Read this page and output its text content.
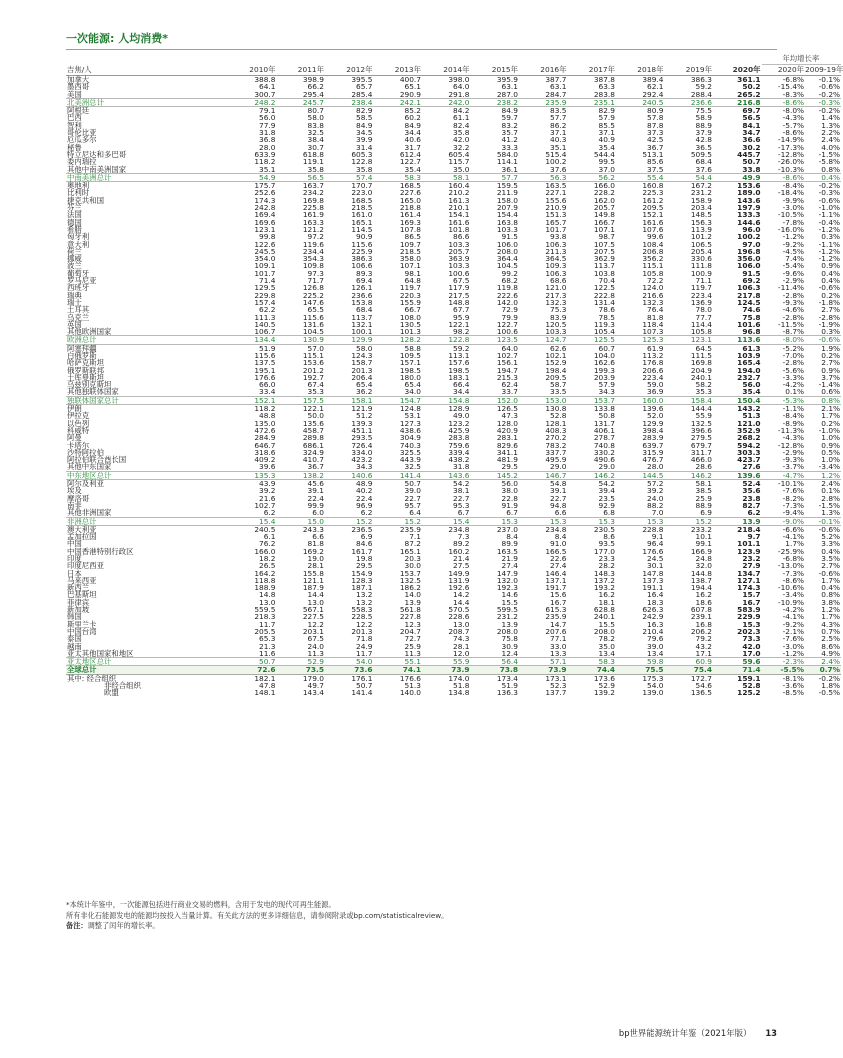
一次能源: 人均消费*
												年均增长率	
吉焦/人	2010年	2011年	2012年	2013年	2014年	2015年	2016年	2017年	2018年	2019年	2020年	2020年	2009-19年
加拿大	388.8	398.9	395.5	400.7	398.0	395.9	387.7	387.8	389.4	386.3	361.1	-6.8%	-0.1%
墨西哥	64.1	66.2	65.7	65.1	64.0	63.1	63.1	63.3	62.1	59.2	50.2	-15.4%	-0.6%
美国	300.7	295.4	285.4	290.9	291.8	287.0	284.7	283.8	292.4	288.4	265.2	-8.3%	-0.2%
北美洲总计	248.2	245.7	238.4	242.1	242.0	238.2	235.9	235.1	240.5	236.6	216.8	-8.6%	-0.3%
阿根廷	79.1	80.7	82.9	85.2	84.2	84.9	83.5	82.9	80.9	75.5	69.7	-8.0%	-0.2%
巴西	56.0	58.0	58.5	60.2	61.1	59.7	57.7	57.9	57.8	58.9	56.5	-4.3%	1.4%
智利	77.9	83.8	84.9	84.9	82.4	83.2	86.2	85.5	87.8	88.9	84.1	-5.7%	1.3%
哥伦比亚	31.8	32.5	34.5	34.4	35.8	35.7	37.1	37.1	37.3	37.9	34.7	-8.6%	2.2%
厄瓜多尔	36.8	38.4	39.9	40.6	42.0	41.2	40.3	40.9	42.5	42.8	36.6	-14.9%	2.4%
秘鲁	28.0	30.7	31.4	31.7	32.2	33.3	35.1	35.4	36.7	36.5	30.2	-17.3%	4.0%
特立尼达和多巴哥	633.9	618.8	605.3	612.4	605.4	584.0	515.4	544.4	513.1	509.5	445.7	-12.8%	-1.5%
委内瑞拉	118.2	119.1	122.8	122.7	115.7	114.1	100.2	99.5	85.6	68.4	50.7	-26.0%	-5.8%
其他中南美洲国家	35.1	35.8	35.8	35.4	35.0	36.1	37.6	37.0	37.5	37.6	33.8	-10.3%	0.8%
中南美洲总计	54.9	56.5	57.4	58.3	58.1	57.7	56.3	56.2	55.4	54.4	49.9	-8.6%	0.4%
奥地利	175.7	163.7	170.7	168.5	160.4	159.5	163.5	166.0	160.8	167.2	153.6	-8.4%	-0.2%
比利时	252.6	234.2	223.0	227.6	210.2	211.9	227.1	228.2	225.3	231.2	189.0	-18.4%	-0.3%
捷克共和国	174.3	169.8	168.5	165.0	161.3	158.0	155.6	162.0	161.2	158.9	143.6	-9.9%	-0.6%
芬兰	242.8	225.8	218.5	218.8	210.1	207.9	210.9	205.7	209.5	203.4	197.9	-3.0%	-1.0%
法国	169.4	161.9	161.0	161.4	154.1	154.4	151.3	149.8	152.1	148.5	133.3	-10.5%	-1.1%
德国	169.6	163.3	165.1	169.3	161.6	163.8	165.7	166.7	161.6	156.3	144.6	-7.8%	-0.4%
希腊	123.1	121.2	114.5	107.8	101.8	103.3	101.7	107.1	107.6	113.9	96.0	-16.0%	-1.2%
匈牙利	99.8	97.2	90.9	86.5	86.6	91.5	93.8	98.7	99.6	101.2	100.2	-1.2%	0.3%
意大利	122.6	119.6	115.6	109.7	103.3	106.0	106.3	107.5	108.4	106.5	97.0	-9.2%	-1.1%
荷兰	245.5	234.4	225.9	218.5	205.7	208.0	211.3	207.5	206.8	205.4	196.8	-4.5%	-1.2%
挪威	354.0	354.3	386.3	358.0	363.9	364.4	364.5	362.9	356.2	330.6	356.0	7.4%	-1.2%
波兰	109.1	109.8	106.6	107.1	103.3	104.5	109.3	113.7	115.1	111.8	106.0	-5.4%	0.9%
葡萄牙	101.7	97.3	89.3	98.1	100.6	99.2	106.3	103.8	105.8	100.9	91.5	-9.6%	0.4%
罗马尼亚	71.4	71.7	69.4	64.8	67.5	68.2	68.6	70.4	72.2	71.1	69.2	-2.9%	0.4%
西班牙	129.5	126.8	126.1	119.7	117.9	119.8	121.0	122.5	124.0	119.7	106.3	-11.4%	-0.6%
瑞典	229.8	225.2	236.6	220.3	217.5	222.6	217.3	222.8	216.6	223.4	217.8	-2.8%	0.2%
瑞士	157.4	147.6	153.8	155.9	148.8	142.0	132.3	131.4	132.3	136.9	124.5	-9.3%	-1.8%
土耳其	62.2	65.5	68.4	66.7	67.7	72.9	75.3	78.6	76.4	78.0	74.6	-4.6%	2.7%
乌克兰	111.3	115.6	113.7	108.0	95.9	79.9	83.9	78.5	81.8	77.7	75.8	-2.8%	-2.8%
英国	140.5	131.6	132.1	130.5	122.1	122.7	120.5	119.3	118.4	114.4	101.6	-11.5%	-1.9%
其他欧洲国家	106.7	104.5	100.1	101.3	98.2	100.6	103.3	105.4	107.3	105.8	96.8	-8.7%	0.3%
欧洲总计	134.4	130.9	129.9	128.2	122.8	123.5	124.7	125.5	125.3	123.1	113.6	-8.0%	-0.6%
阿塞拜疆	51.9	57.0	58.0	58.8	59.2	64.0	62.6	60.7	61.9	64.5	61.3	-5.2%	1.9%
白俄罗斯	115.6	115.1	124.3	109.5	113.1	102.7	102.1	104.0	113.2	111.5	103.9	-7.0%	0.2%
哈萨克斯坦	137.5	153.6	158.7	157.1	157.6	156.1	152.9	162.6	176.8	169.8	165.4	-2.8%	2.7%
俄罗斯联邦	195.1	201.2	201.3	198.5	198.5	194.7	198.4	199.3	206.6	204.9	194.0	-5.6%	0.9%
土库曼斯坦	176.6	192.7	206.4	180.0	183.1	215.3	209.5	203.9	223.4	240.1	232.7	-3.3%	3.7%
乌兹别克斯坦	66.0	67.4	65.4	65.4	66.4	62.4	58.7	57.9	59.0	58.2	56.0	-4.2%	-1.4%
其他独联体国家	33.4	35.3	36.2	34.0	34.4	33.7	33.5	34.3	36.9	35.3	35.4	0.1%	0.6%
独联体国家总计	152.1	157.5	158.1	154.7	154.8	152.0	153.0	153.7	160.0	158.4	150.4	-5.3%	0.8%
伊朗	118.2	122.1	121.9	124.8	128.9	126.5	130.8	133.8	139.6	144.4	143.2	-1.1%	2.1%
伊拉克	48.8	50.0	51.2	53.1	49.0	47.3	52.8	50.8	52.0	55.9	51.3	-8.4%	1.7%
以色列	135.0	135.6	139.3	127.3	123.2	128.0	128.1	131.7	129.9	132.5	121.0	-8.9%	0.2%
科威特	472.6	458.7	451.1	438.6	425.9	420.9	408.3	406.1	398.4	396.6	352.9	-11.3%	-1.0%
阿曼	284.9	289.8	293.5	304.9	283.8	283.1	270.2	278.7	283.9	279.5	268.2	-4.3%	1.0%
卡塔尔	646.7	686.1	726.4	740.3	759.6	829.6	783.2	740.8	639.7	679.7	594.2	-12.8%	0.9%
沙特阿拉伯	318.6	324.9	334.0	325.5	339.4	341.1	337.7	330.2	315.9	311.7	303.3	-2.9%	0.5%
阿拉伯联合酋长国	409.2	410.7	423.2	443.9	438.2	481.9	495.9	490.6	476.7	466.0	423.7	-9.3%	1.0%
其他中东国家	39.6	36.7	34.3	32.5	31.8	29.5	29.0	29.0	28.0	28.6	27.6	-3.7%	-3.4%
中东地区总计	135.3	138.2	140.6	141.4	143.6	145.2	146.7	146.2	144.5	146.2	139.6	-4.7%	1.2%
阿尔及利亚	43.9	45.6	48.9	50.7	54.2	56.0	54.8	54.2	57.2	58.1	52.4	-10.1%	2.4%
埃及	39.2	39.1	40.2	39.0	38.1	38.0	39.1	39.4	39.2	38.5	35.6	-7.6%	0.1%
摩洛哥	21.6	22.4	22.4	22.7	22.7	22.8	22.7	23.5	24.0	25.9	23.8	-8.2%	2.8%
南非	102.7	99.9	96.9	95.7	95.3	91.9	94.8	92.9	88.2	88.9	82.7	-7.3%	-1.5%
其他非洲国家	6.2	6.0	6.2	6.4	6.7	6.7	6.6	6.8	7.0	6.9	6.2	-9.4%	1.3%
非洲总计	15.4	15.0	15.2	15.2	15.4	15.3	15.3	15.3	15.3	15.2	13.9	-9.0%	-0.1%
澳大利亚	240.5	243.3	236.5	235.9	234.8	237.0	234.8	230.5	228.8	233.2	218.4	-6.6%	-0.6%
孟加拉国	6.1	6.6	6.9	7.1	7.3	8.4	8.4	8.6	9.1	10.1	9.7	-4.1%	5.2%
中国	76.2	81.8	84.6	87.2	89.2	89.9	91.0	93.5	96.4	99.1	101.1	1.7%	3.3%
中国香港特别行政区	166.0	169.2	161.7	165.1	160.2	163.5	166.5	177.0	176.6	166.9	123.9	-25.9%	0.4%
印度	18.2	19.0	19.8	20.3	21.4	21.9	22.6	23.3	24.5	24.8	23.2	-6.8%	3.5%
印度尼西亚	26.5	28.1	29.5	30.0	27.5	27.4	27.4	28.2	30.1	32.0	27.9	-13.0%	2.7%
日本	164.2	155.8	154.9	153.7	149.9	147.9	146.4	148.3	147.8	144.8	134.7	-7.3%	-0.6%
马来西亚	118.8	121.1	128.3	132.5	131.9	132.0	137.1	137.2	137.3	138.7	127.1	-8.6%	1.7%
新西兰	188.9	187.9	187.1	186.2	192.6	192.3	191.7	193.2	191.1	194.4	174.3	-10.6%	0.4%
巴基斯坦	14.8	14.4	13.2	14.0	14.2	14.6	15.6	16.2	16.4	16.2	15.7	-3.4%	0.8%
菲律宾	13.0	13.0	13.2	13.9	14.4	15.5	16.7	18.1	18.3	18.6	16.7	-10.9%	3.8%
新加坡	559.5	567.1	558.3	561.8	570.5	599.5	615.3	628.8	626.3	607.8	583.9	-4.2%	1.2%
韩国	218.3	227.5	228.5	227.8	228.6	231.2	235.9	240.1	242.9	239.1	229.9	-4.1%	1.7%
斯里兰卡	11.7	12.2	12.2	12.3	13.0	13.9	14.7	15.5	16.3	16.8	15.3	-9.2%	4.3%
中国台湾	205.5	203.1	201.3	204.7	208.7	208.0	207.6	208.0	210.4	206.2	202.3	-2.1%	0.7%
泰国	65.3	67.5	71.8	72.7	74.3	75.8	77.1	78.2	79.6	79.2	73.3	-7.6%	2.5%
越南	21.3	24.0	24.9	25.9	28.1	30.9	33.0	35.0	39.0	43.2	42.0	-3.0%	8.6%
亚太其他国家和地区	11.6	11.3	11.7	11.3	12.0	12.4	13.3	13.4	13.4	17.1	17.0	-1.2%	4.9%
亚太地区总计	50.7	52.9	54.0	55.1	55.9	56.4	57.1	58.3	59.8	60.9	59.6	-2.3%	2.4%
全球总计	72.6	73.5	73.6	74.1	73.9	73.8	73.9	74.4	75.5	75.4	71.4	-5.5%	0.7%
其中: 经合组织	182.1	179.0	176.1	176.6	174.0	173.4	173.1	173.6	175.3	172.7	159.1	-8.1%	-0.2%
非经合组织	47.8	49.7	50.7	51.3	51.8	51.9	52.3	52.9	54.0	54.6	52.8	-3.6%	1.8%
欧盟	148.1	143.4	141.4	140.0	134.8	136.3	137.7	139.2	139.0	136.5	125.2	-8.5%	-0.5%
*本统计年鉴中，一次能源包括进行商业交易的燃料，含用于发电的现代可再生能源。
所有非化石能源发电的能源均按投入当量计算。有关此方法的更多详细信息，请参阅附录或bp.com/statisticalreview。
备注：调整了闰年的增长率。
bp世界能源统计年鉴（2021年版） 13
